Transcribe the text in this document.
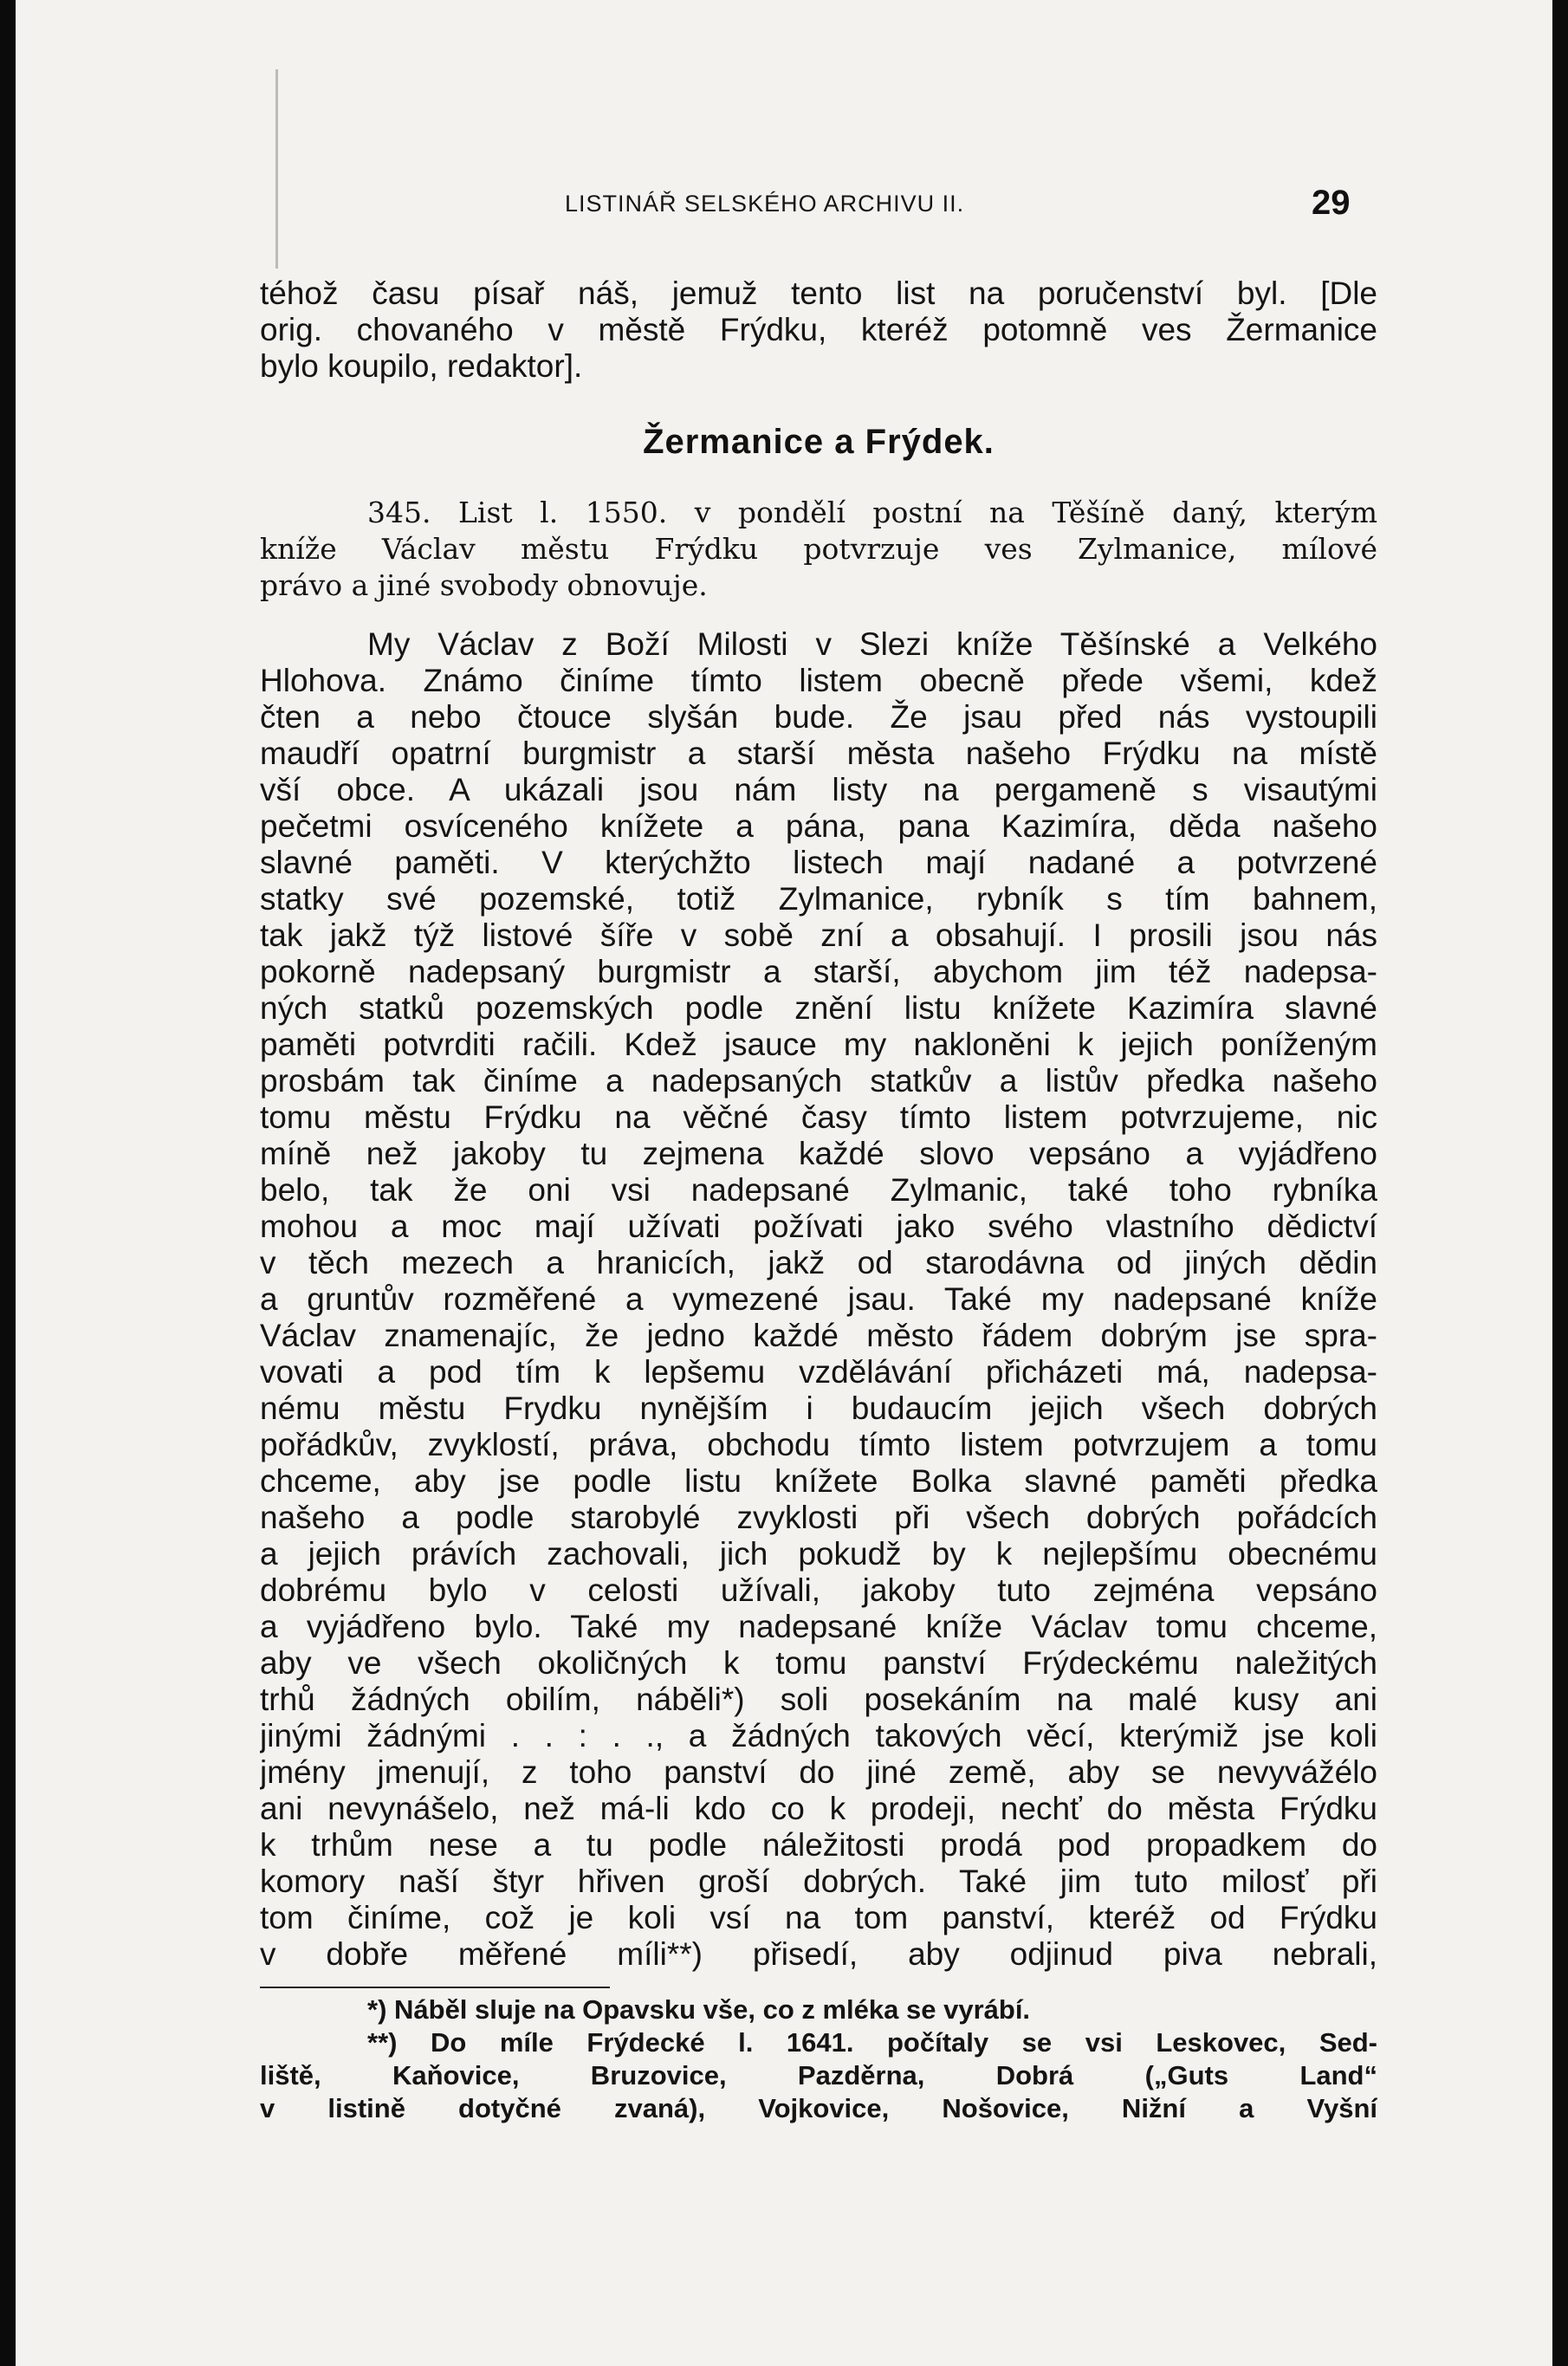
LISTINÁŘ SELSKÉHO ARCHIVU II.	29
téhož času písař náš, jemuž tento list na poručenství byl. [Dle
orig. chovaného v městě Frýdku, kteréž potomně ves Žermanice
bylo koupilo, redaktor].
Žermanice a Frýdek.
345. List l. 1550. v pondělí postní na Těšíně daný, kterým
kníže Václav městu Frýdku potvrzuje ves Zylmanice, mílové
právo a jiné svobody obnovuje.
My Václav z Boží Milosti v Slezi kníže Těšínské a Velkého
Hlohova. Známo činíme tímto listem obecně přede všemi, kdež
čten a nebo čtouce slyšán bude. Že jsau před nás vystoupili
maudří opatrní burgmistr a starší města našeho Frýdku na místě
vší obce. A ukázali jsou nám listy na pergameně s visautými
pečetmi osvíceného knížete a pána, pana Kazimíra, děda našeho
slavné paměti. V kterýchžto listech mají nadané a potvrzené
statky své pozemské, totiž Zylmanice, rybník s tím bahnem,
tak jakž týž listové šíře v sobě zní a obsahují. I prosili jsou nás
pokorně nadepsaný burgmistr a starší, abychom jim též nadepsa-
ných statků pozemských podle znění listu knížete Kazimíra slavné
paměti potvrditi račili. Kdež jsauce my nakloněni k jejich poníženým
prosbám tak činíme a nadepsaných statkův a listův předka našeho
tomu městu Frýdku na věčné časy tímto listem potvrzujeme, nic
míně než jakoby tu zejmena každé slovo vepsáno a vyjádřeno
belo, tak že oni vsi nadepsané Zylmanic, také toho rybníka
mohou a moc mají užívati požívati jako svého vlastního dědictví
v těch mezech a hranicích, jakž od starodávna od jiných dědin
a gruntův rozměřené a vymezené jsau. Také my nadepsané kníže
Václav znamenajíc, že jedno každé město řádem dobrým jse spra-
vovati a pod tím k lepšemu vzdělávání přicházeti má, nadepsa-
nému městu Frydku nynějším i budaucím jejich všech dobrých
pořádkův, zvyklostí, práva, obchodu tímto listem potvrzujem a tomu
chceme, aby jse podle listu knížete Bolka slavné paměti předka
našeho a podle starobylé zvyklosti při všech dobrých pořádcích
a jejich právích zachovali, jich pokudž by k nejlepšímu obecnému
dobrému bylo v celosti užívali, jakoby tuto zejména vepsáno
a vyjádřeno bylo. Také my nadepsané kníže Václav tomu chceme,
aby ve všech okoličných k tomu panství Frýdeckému naležitých
trhů žádných obilím, náběli*) soli posekáním na malé kusy ani
jinými žádnými . . : . ., a žádných takových věcí, kterýmiž jse koli
jmény jmenují, z toho panství do jiné země, aby se nevyvážélo
ani nevynášelo, než má-li kdo co k prodeji, nechť do města Frýdku
k trhům nese a tu podle náležitosti prodá pod propadkem do
komory naší štyr hřiven groší dobrých. Také jim tuto milosť při
tom činíme, což je koli vsí na tom panství, kteréž od Frýdku
v dobře měřené míli**) přisedí, aby odjinud piva nebrali,
*) Náběl sluje na Opavsku vše, co z mléka se vyrábí.
**) Do míle Frýdecké l. 1641. počítaly se vsi Leskovec, Sed-
liště, Kaňovice, Bruzovice, Pazděrna, Dobrá („Guts Land“
v listině dotyčné zvaná), Vojkovice, Nošovice, Nižní a Vyšní
